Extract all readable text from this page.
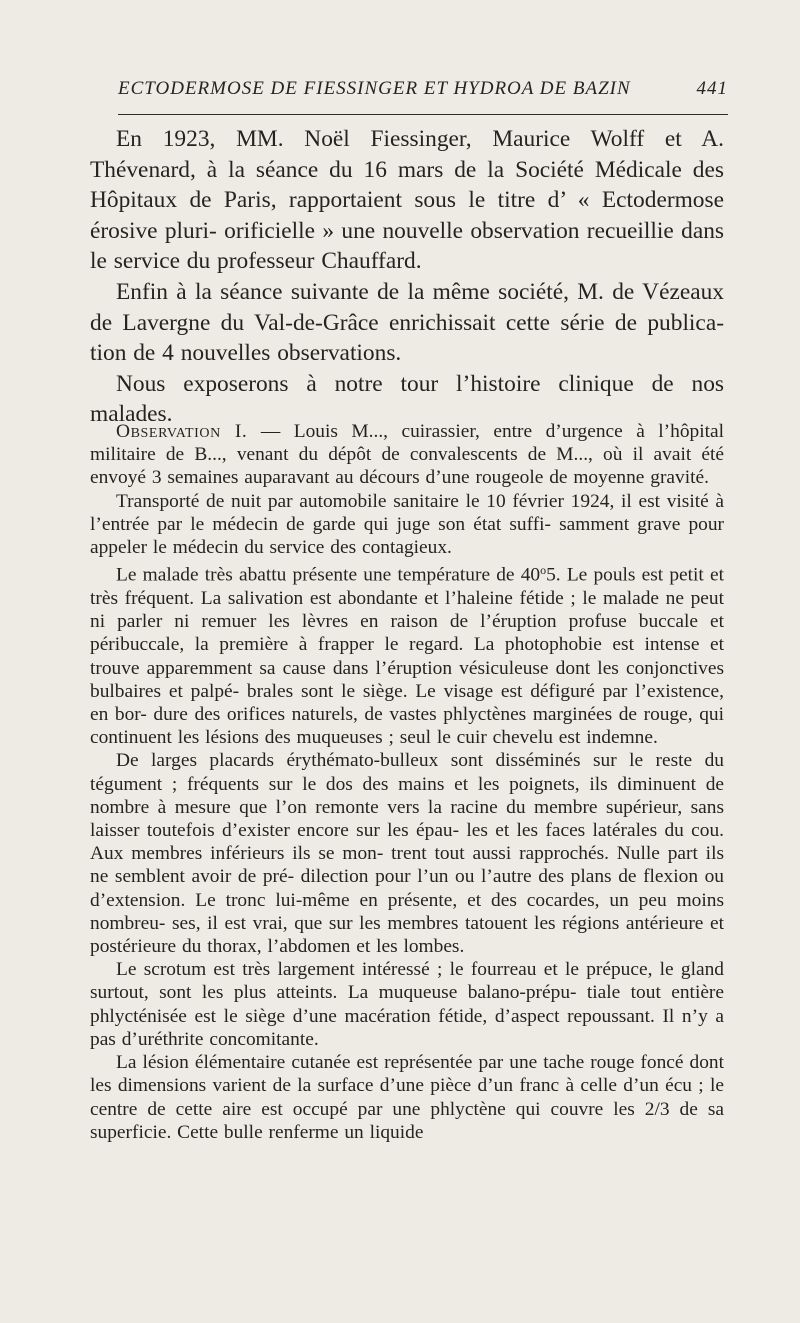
ECTODERMOSE DE FIESSINGER ET HYDROA DE BAZIN	441

En 1923, MM. Noël Fiessinger, Maurice Wolff et A. Thévenard, à la séance du 16 mars de la Société Médicale des Hôpitaux de Paris, rapportaient sous le titre d’ « Ectodermose érosive pluri- orificielle » une nouvelle observation recueillie dans le service du professeur Chauffard.

Enfin à la séance suivante de la même société, M. de Vézeaux de Lavergne du Val-de-Grâce enrichissait cette série de publica- tion de 4 nouvelles observations.

Nous exposerons à notre tour l’histoire clinique de nos malades.

Observation I. — Louis M..., cuirassier, entre d’urgence à l’hôpital militaire de B..., venant du dépôt de convalescents de M..., où il avait été envoyé 3 semaines auparavant au décours d’une rougeole de moyenne gravité.

Transporté de nuit par automobile sanitaire le 10 février 1924, il est visité à l’entrée par le médecin de garde qui juge son état suffi- samment grave pour appeler le médecin du service des contagieux.

Le malade très abattu présente une température de 40$^o$5. Le pouls est petit et très fréquent. La salivation est abondante et l’haleine fétide ; le malade ne peut ni parler ni remuer les lèvres en raison de l’éruption profuse buccale et péribuccale, la première à frapper le regard. La photophobie est intense et trouve apparemment sa cause dans l’éruption vésiculeuse dont les conjonctives bulbaires et palpé- brales sont le siège. Le visage est défiguré par l’existence, en bor- dure des orifices naturels, de vastes phlyctènes marginées de rouge, qui continuent les lésions des muqueuses ; seul le cuir chevelu est indemne.

De larges placards érythémato-bulleux sont disséminés sur le reste du tégument ; fréquents sur le dos des mains et les poignets, ils diminuent de nombre à mesure que l’on remonte vers la racine du membre supérieur, sans laisser toutefois d’exister encore sur les épau- les et les faces latérales du cou. Aux membres inférieurs ils se mon- trent tout aussi rapprochés. Nulle part ils ne semblent avoir de pré- dilection pour l’un ou l’autre des plans de flexion ou d’extension. Le tronc lui-même en présente, et des cocardes, un peu moins nombreu- ses, il est vrai, que sur les membres tatouent les régions antérieure et postérieure du thorax, l’abdomen et les lombes.

Le scrotum est très largement intéressé ; le fourreau et le prépuce, le gland surtout, sont les plus atteints. La muqueuse balano-prépu- tiale tout entière phlycténisée est le siège d’une macération fétide, d’aspect repoussant. Il n’y a pas d’uréthrite concomitante.

La lésion élémentaire cutanée est représentée par une tache rouge foncé dont les dimensions varient de la surface d’une pièce d’un franc à celle d’un écu ; le centre de cette aire est occupé par une phlyctène qui couvre les 2/3 de sa superficie. Cette bulle renferme un liquide
